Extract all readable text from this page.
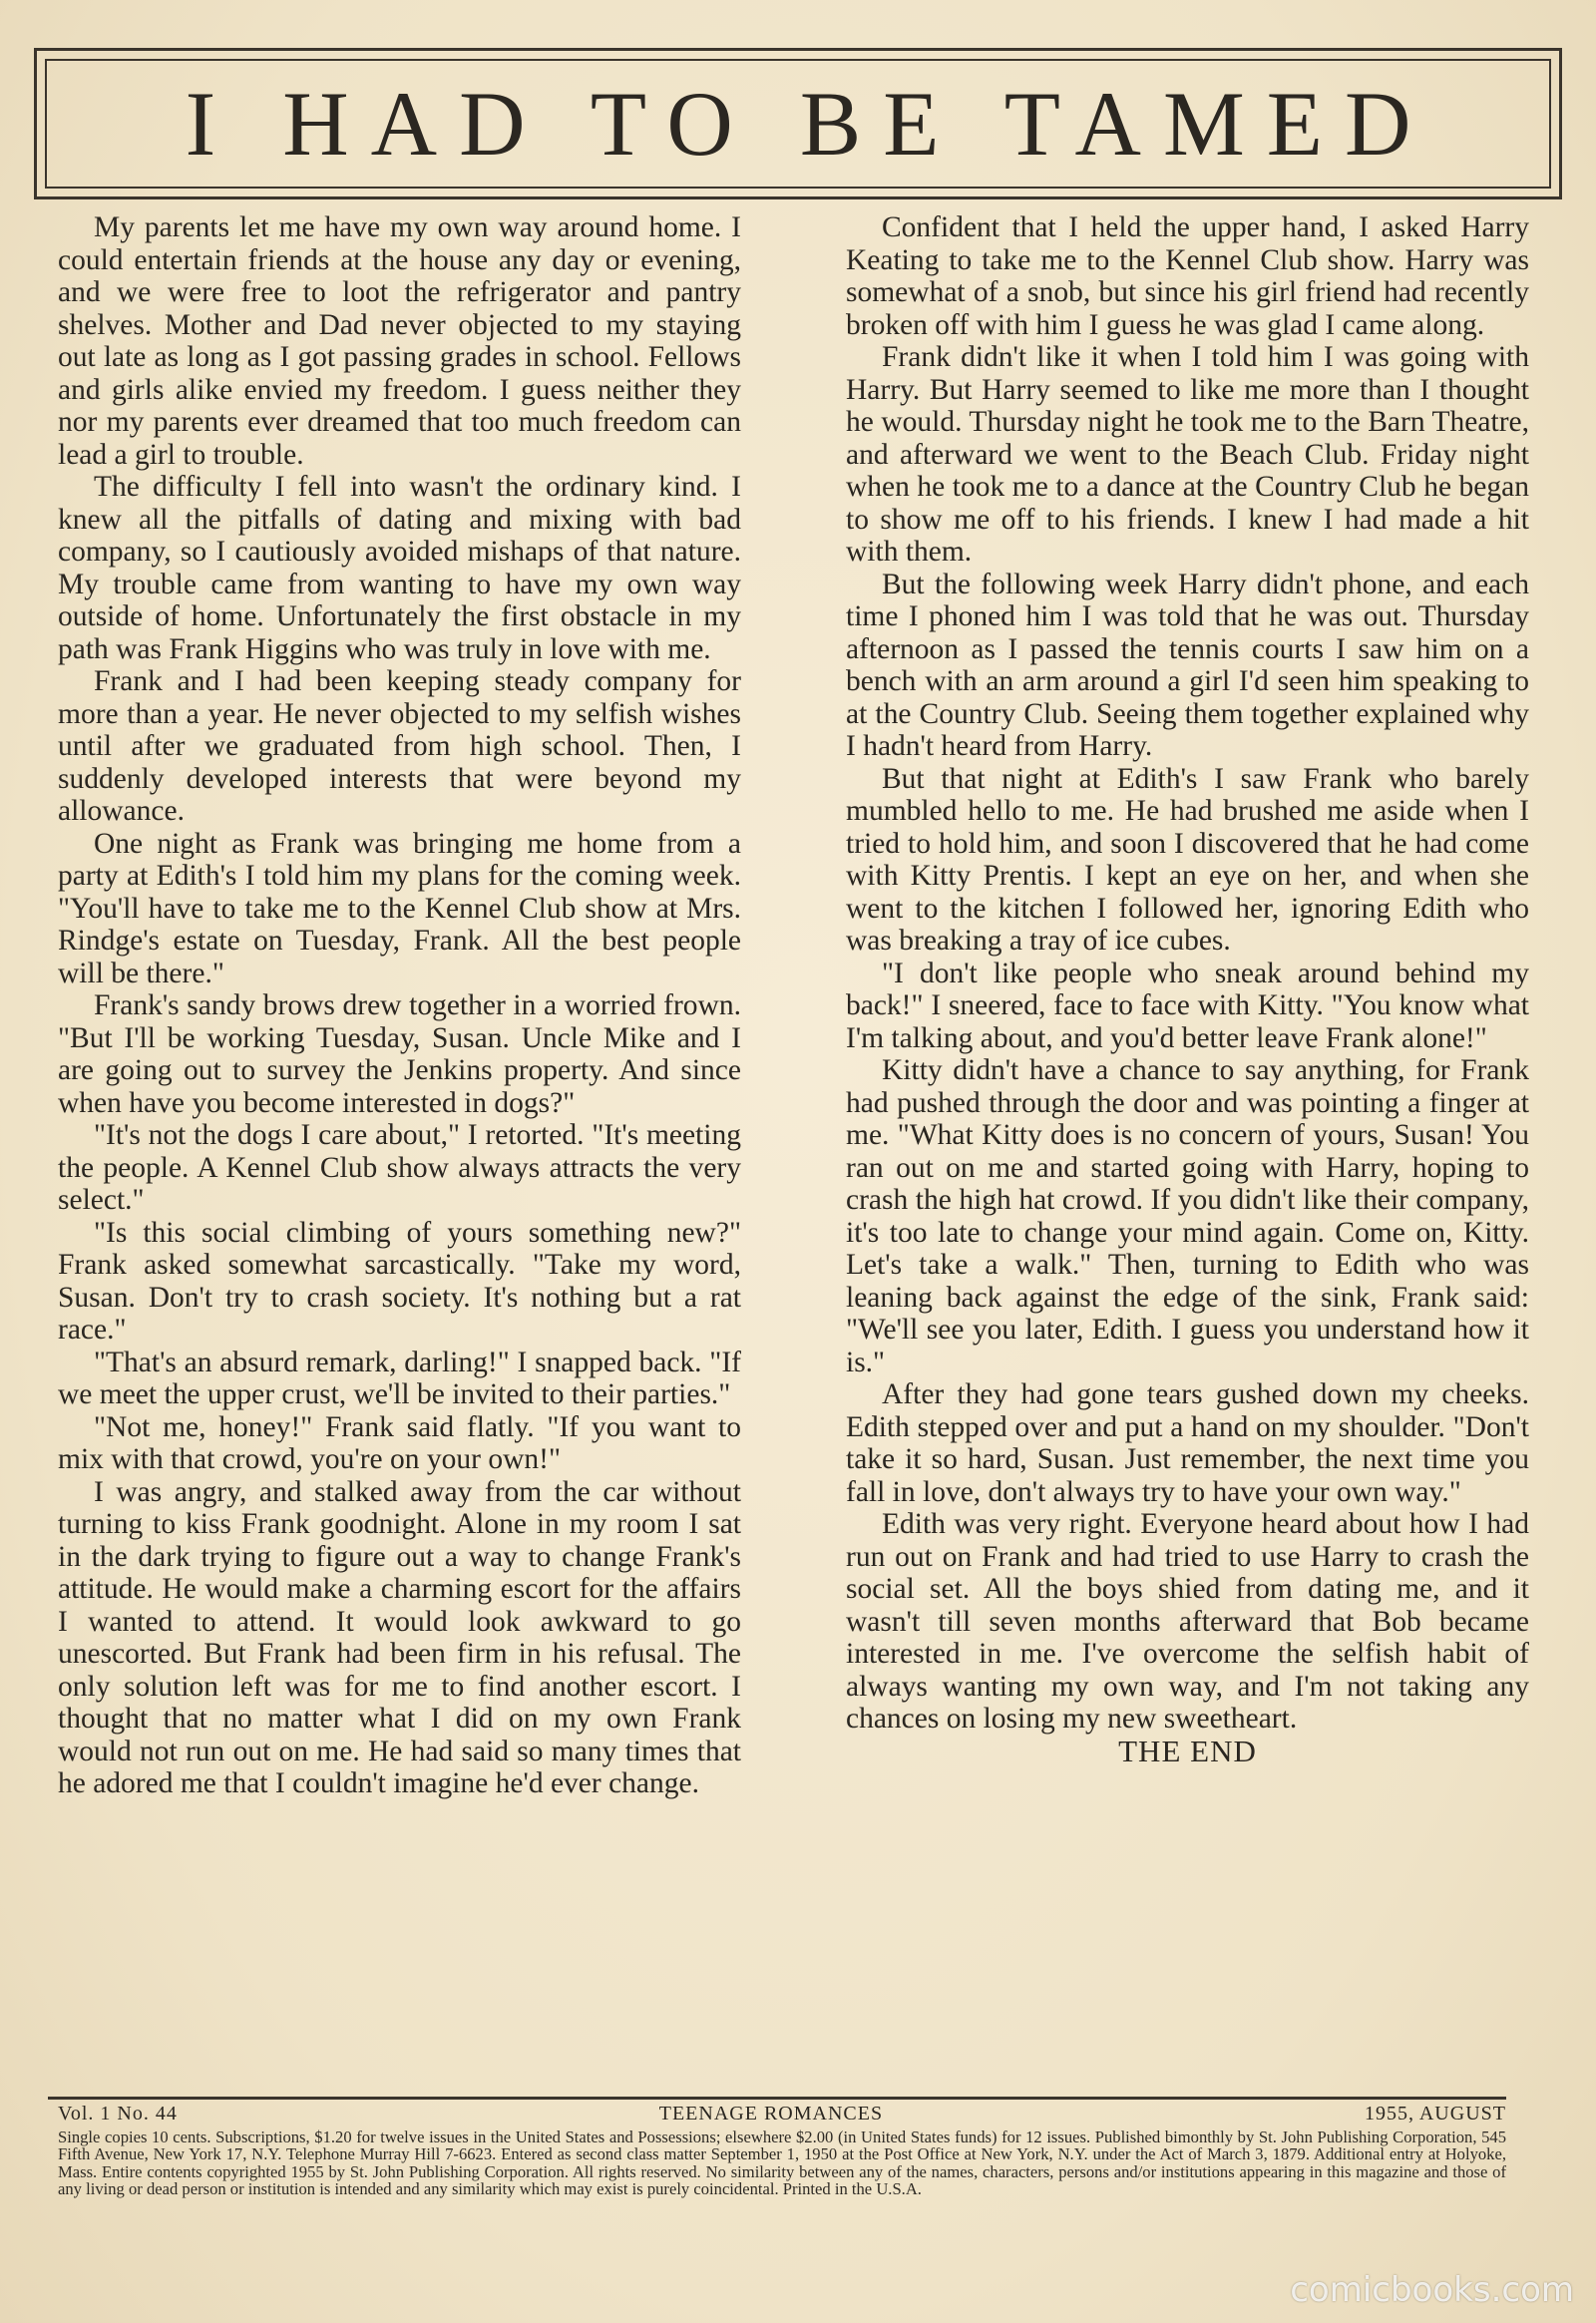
I HAD TO BE TAMED

My parents let me have my own way around home. I could entertain friends at the house any day or evening, and we were free to loot the refrigerator and pantry shelves. Mother and Dad never objected to my staying out late as long as I got passing grades in school. Fellows and girls alike envied my freedom. I guess neither they nor my parents ever dreamed that too much freedom can lead a girl to trouble.

The difficulty I fell into wasn't the ordinary kind. I knew all the pitfalls of dating and mixing with bad company, so I cautiously avoided mishaps of that nature. My trouble came from wanting to have my own way outside of home. Unfortunately the first obstacle in my path was Frank Higgins who was truly in love with me.

Frank and I had been keeping steady company for more than a year. He never objected to my selfish wishes until after we graduated from high school. Then, I suddenly developed interests that were beyond my allowance.

One night as Frank was bringing me home from a party at Edith's I told him my plans for the coming week. "You'll have to take me to the Kennel Club show at Mrs. Rindge's estate on Tuesday, Frank. All the best people will be there."

Frank's sandy brows drew together in a worried frown. "But I'll be working Tuesday, Susan. Uncle Mike and I are going out to survey the Jenkins property. And since when have you become interested in dogs?"

"It's not the dogs I care about," I retorted. "It's meeting the people. A Kennel Club show always attracts the very select."

"Is this social climbing of yours something new?" Frank asked somewhat sarcastically. "Take my word, Susan. Don't try to crash society. It's nothing but a rat race."

"That's an absurd remark, darling!" I snapped back. "If we meet the upper crust, we'll be invited to their parties."

"Not me, honey!" Frank said flatly. "If you want to mix with that crowd, you're on your own!"

I was angry, and stalked away from the car without turning to kiss Frank goodnight. Alone in my room I sat in the dark trying to figure out a way to change Frank's attitude. He would make a charming escort for the affairs I wanted to attend. It would look awkward to go unescorted. But Frank had been firm in his refusal. The only solution left was for me to find another escort. I thought that no matter what I did on my own Frank would not run out on me. He had said so many times that he adored me that I couldn't imagine he'd ever change.

Confident that I held the upper hand, I asked Harry Keating to take me to the Kennel Club show. Harry was somewhat of a snob, but since his girl friend had recently broken off with him I guess he was glad I came along.

Frank didn't like it when I told him I was going with Harry. But Harry seemed to like me more than I thought he would. Thursday night he took me to the Barn Theatre, and afterward we went to the Beach Club. Friday night when he took me to a dance at the Country Club he began to show me off to his friends. I knew I had made a hit with them.

But the following week Harry didn't phone, and each time I phoned him I was told that he was out. Thursday afternoon as I passed the tennis courts I saw him on a bench with an arm around a girl I'd seen him speaking to at the Country Club. Seeing them together explained why I hadn't heard from Harry.

But that night at Edith's I saw Frank who barely mumbled hello to me. He had brushed me aside when I tried to hold him, and soon I discovered that he had come with Kitty Prentis. I kept an eye on her, and when she went to the kitchen I followed her, ignoring Edith who was breaking a tray of ice cubes.

"I don't like people who sneak around behind my back!" I sneered, face to face with Kitty. "You know what I'm talking about, and you'd better leave Frank alone!"

Kitty didn't have a chance to say anything, for Frank had pushed through the door and was pointing a finger at me. "What Kitty does is no concern of yours, Susan! You ran out on me and started going with Harry, hoping to crash the high hat crowd. If you didn't like their company, it's too late to change your mind again. Come on, Kitty. Let's take a walk." Then, turning to Edith who was leaning back against the edge of the sink, Frank said: "We'll see you later, Edith. I guess you understand how it is."

After they had gone tears gushed down my cheeks. Edith stepped over and put a hand on my shoulder. "Don't take it so hard, Susan. Just remember, the next time you fall in love, don't always try to have your own way."

Edith was very right. Everyone heard about how I had run out on Frank and had tried to use Harry to crash the social set. All the boys shied from dating me, and it wasn't till seven months afterward that Bob became interested in me. I've overcome the selfish habit of always wanting my own way, and I'm not taking any chances on losing my new sweetheart.

THE END

Vol. 1 No. 44	TEENAGE ROMANCES	1955, AUGUST
Single copies 10 cents. Subscriptions, $1.20 for twelve issues in the United States and Possessions; elsewhere $2.00 (in United States funds) for 12 issues. Published bimonthly by St. John Publishing Corporation, 545 Fifth Avenue, New York 17, N.Y. Telephone Murray Hill 7-6623. Entered as second class matter September 1, 1950 at the Post Office at New York, N.Y. under the Act of March 3, 1879. Additional entry at Holyoke, Mass. Entire contents copyrighted 1955 by St. John Publishing Corporation. All rights reserved. No similarity between any of the names, characters, persons and/or institutions appearing in this magazine and those of any living or dead person or institution is intended and any similarity which may exist is purely coincidental. Printed in the U.S.A.
comicbooks.com
